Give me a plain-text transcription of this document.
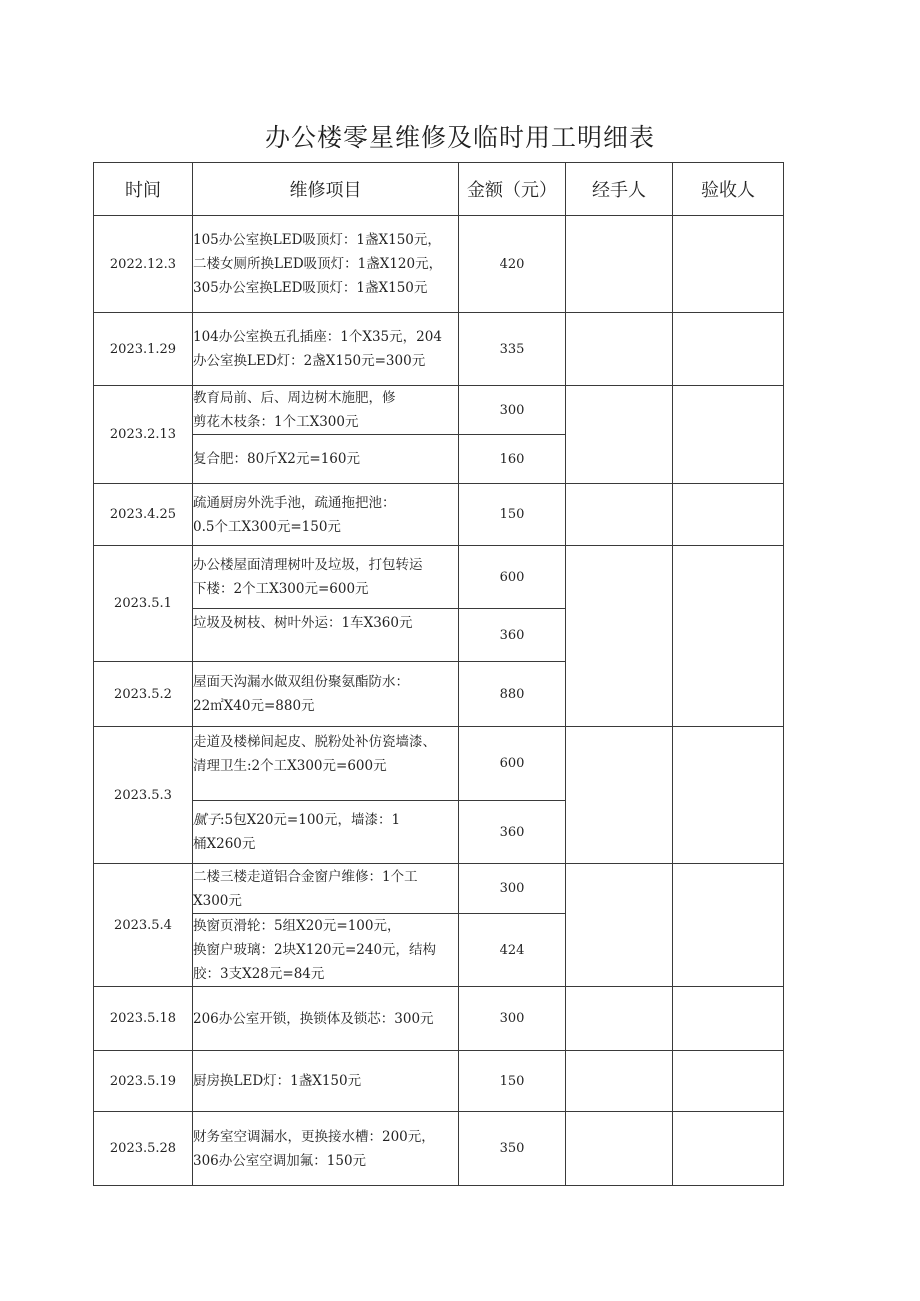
办公楼零星维修及临时用工明细表
时间	维修项目	金额（元）	经手人	验收人
2022.12.3	105办公室换LED吸顶灯：1盏X150元，
二楼女厕所换LED吸顶灯：1盏X120元，
305办公室换LED吸顶灯：1盏X150元	420		
2023.1.29	104办公室换五孔插座：1个X35元，204
办公室换LED灯：2盏X150元=300元	335		
2023.2.13	教育局前、后、周边树木施肥，修
剪花木枝条：1个工X300元	300		

	复合肥：80斤X2元=160元	160		
2023.4.25	疏通厨房外洗手池，疏通拖把池：
0.5个工X300元=150元	150		
2023.5.1	办公楼屋面清理树叶及垃圾，打包转运
下楼：2个工X300元=600元	600		

	垃圾及树枝、树叶外运：1车X360元	360		
2023.5.2	屋面天沟漏水做双组份聚氨酯防水：
22㎡X40元=880元	880		
2023.5.3	走道及楼梯间起皮、脱粉处补仿瓷墙漆、
清理卫生:2个工X300元=600元	600		

	腻子:5包X20元=100元，墙漆：1
桶X260元	360		
2023.5.4	二楼三楼走道铝合金窗户维修：1个工
X300元	300		

	换窗页滑轮：5组X20元=100元，
换窗户玻璃：2块X120元=240元，结构
胶：3支X28元=84元	424		
2023.5.18	206办公室开锁，换锁体及锁芯：300元	300		
2023.5.19	厨房换LED灯：1盏X150元	150		
2023.5.28	财务室空调漏水，更换接水槽：200元，
306办公室空调加氟：150元	350		
